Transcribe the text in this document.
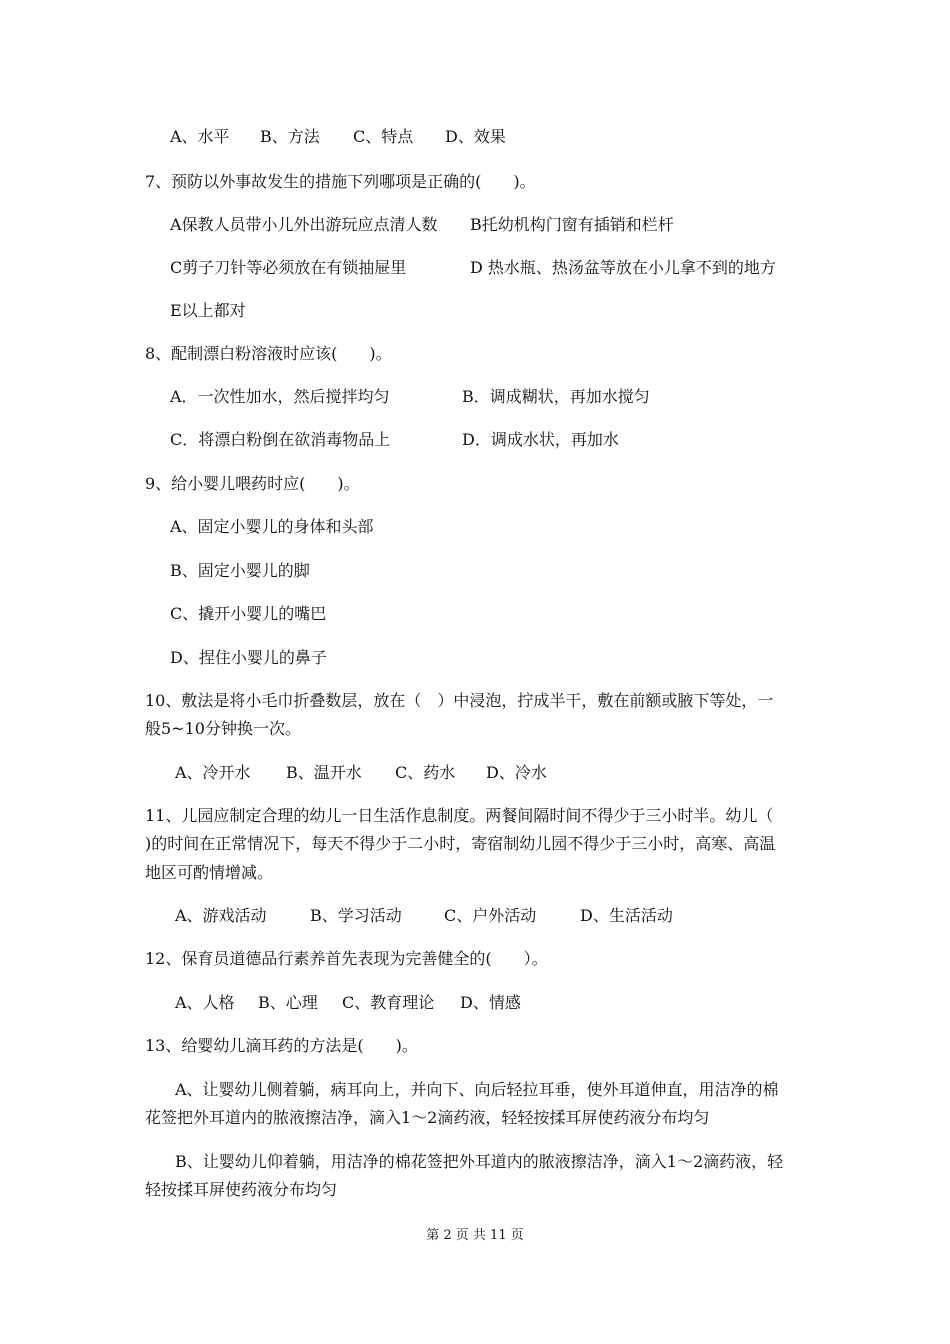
A、水平 B、方法 C、特点 D、效果
7、预防以外事故发生的措施下列哪项是正确的(　　)。
A保教人员带小儿外出游玩应点清人数 B托幼机构门窗有插销和栏杆
C剪子刀针等必须放在有锁抽屉里	D 热水瓶、热汤盆等放在小儿拿不到的地方
E以上都对
8、配制漂白粉溶液时应该(　　)。
A．一次性加水，然后搅拌均匀	B．调成糊状，再加水搅匀
C．将漂白粉倒在欲消毒物品上	D．调成水状，再加水
9、给小婴儿喂药时应(　　)。
A、固定小婴儿的身体和头部
B、固定小婴儿的脚
C、撬开小婴儿的嘴巴
D、捏住小婴儿的鼻子
10、敷法是将小毛巾折叠数层，放在（　）中浸泡，拧成半干，敷在前额或腋下等处，一
般5~10分钟换一次。
A、冷开水 B、温开水 C、药水 D、冷水
11、儿园应制定合理的幼儿一日生活作息制度。两餐间隔时间不得少于三小时半。幼儿（
)的时间在正常情况下，每天不得少于二小时，寄宿制幼儿园不得少于三小时，高寒、高温
地区可酌情增减。
A、游戏活动	B、学习活动	C、户外活动	D、生活活动
12、保育员道德品行素养首先表现为完善健全的(　　）。
A、人格 B、心理 C、教育理论 D、情感
13、给婴幼儿滴耳药的方法是(　　)。
A、让婴幼儿侧着躺，病耳向上，并向下、向后轻拉耳垂，使外耳道伸直，用洁净的棉
花签把外耳道内的脓液擦洁净，滴入1～2滴药液，轻轻按揉耳屏使药液分布均匀
B、让婴幼儿仰着躺，用洁净的棉花签把外耳道内的脓液擦洁净，滴入1～2滴药液，轻
轻按揉耳屏使药液分布均匀
第 2 页 共 11 页
